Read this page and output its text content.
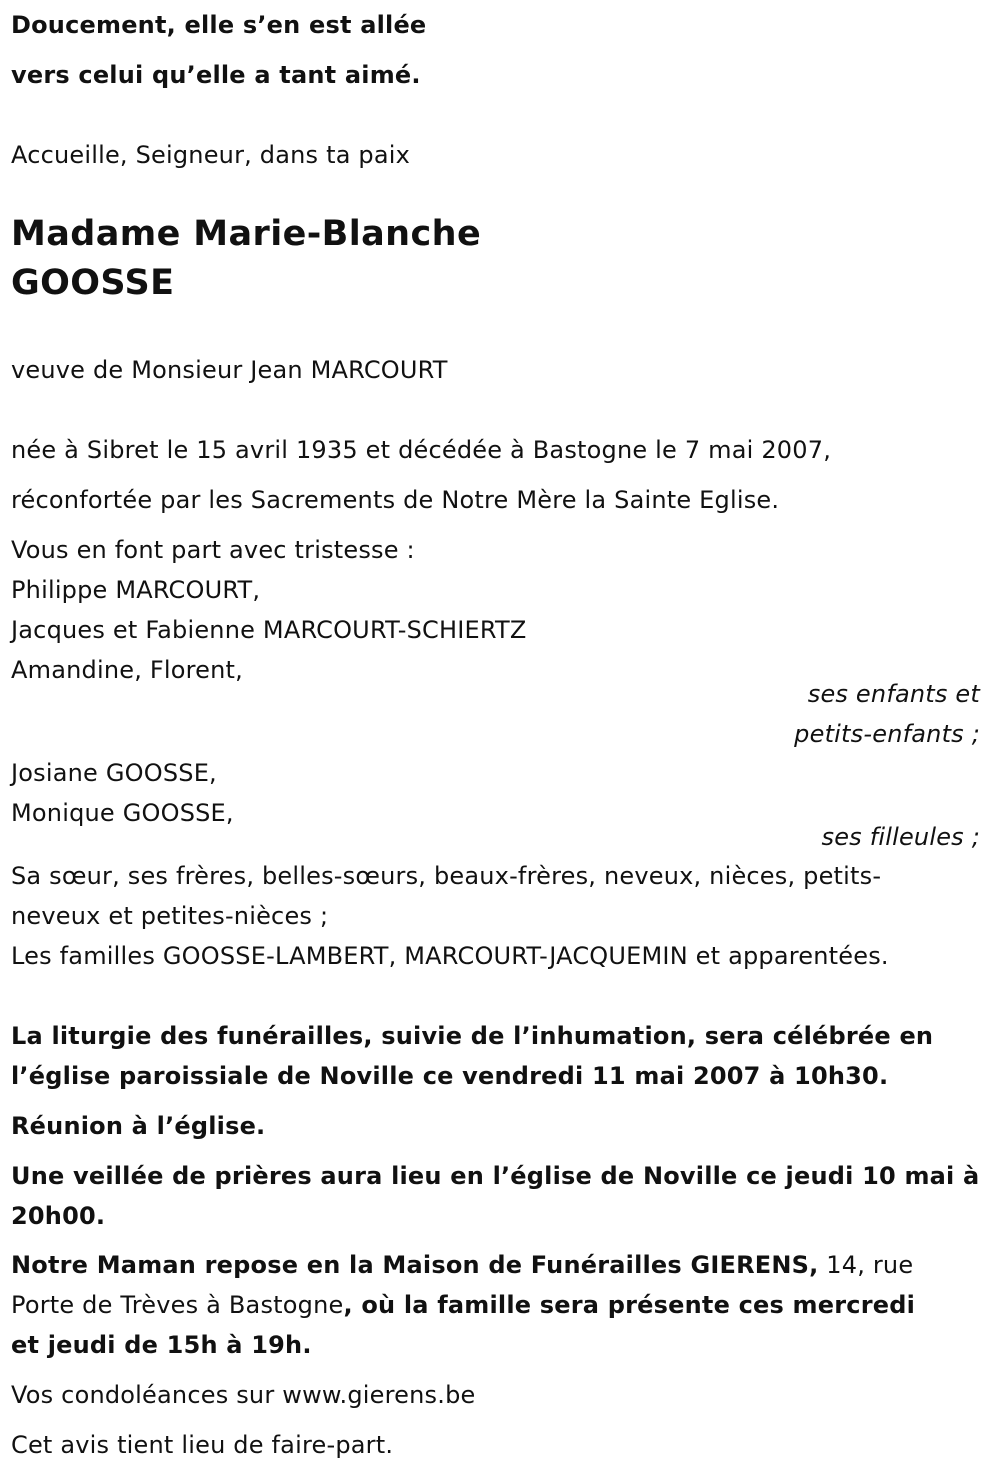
Doucement, elle s’en est allée
vers celui qu’elle a tant aimé.
Accueille, Seigneur, dans ta paix
Madame Marie-Blanche
GOOSSE
veuve de Monsieur Jean MARCOURT
née à Sibret le 15 avril 1935 et décédée à Bastogne le 7 mai 2007,
réconfortée par les Sacrements de Notre Mère la Sainte Eglise.
Vous en font part avec tristesse :
Philippe MARCOURT,
Jacques et Fabienne MARCOURT-SCHIERTZ
Amandine, Florent,
ses enfants et
petits-enfants ;
Josiane GOOSSE,
Monique GOOSSE,
ses filleules ;
Sa sœur, ses frères, belles-sœurs, beaux-frères, neveux, nièces, petits-
neveux et petites-nièces ;
Les familles GOOSSE-LAMBERT, MARCOURT-JACQUEMIN et apparentées.
La liturgie des funérailles, suivie de l’inhumation, sera célébrée en
l’église paroissiale de Noville ce vendredi 11 mai 2007 à 10h30.
Réunion à l’église.
Une veillée de prières aura lieu en l’église de Noville ce jeudi 10 mai à
20h00.
Notre Maman repose en la Maison de Funérailles GIERENS, 14, rue
Porte de Trèves à Bastogne, où la famille sera présente ces mercredi
et jeudi de 15h à 19h.
Vos condoléances sur www.gierens.be
Cet avis tient lieu de faire-part.
